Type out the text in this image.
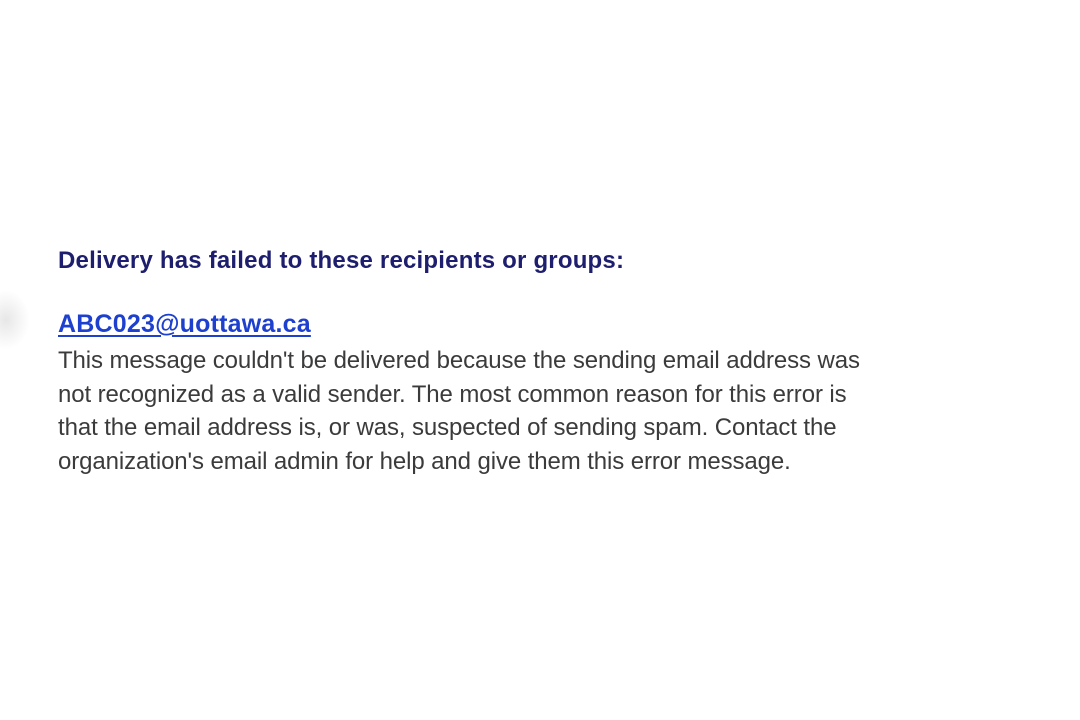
Delivery has failed to these recipients or groups:
ABC023@uottawa.ca
This message couldn't be delivered because the sending email address was
not recognized as a valid sender. The most common reason for this error is
that the email address is, or was, suspected of sending spam. Contact the
organization's email admin for help and give them this error message.
